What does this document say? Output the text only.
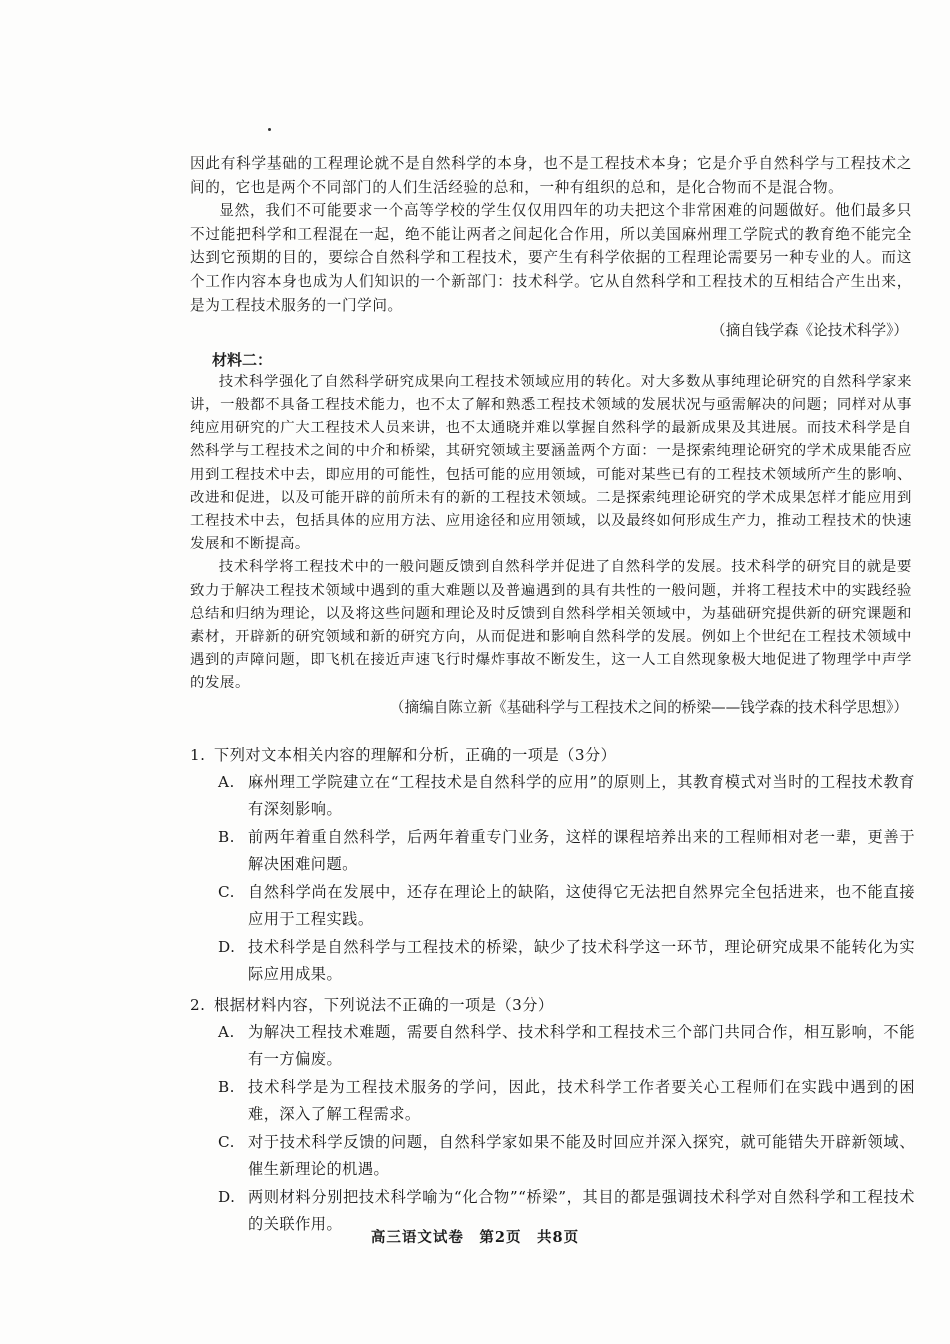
因此有科学基础的工程理论就不是自然科学的本身，也不是工程技术本身；它是介乎自然科学与工程技术之间的，它也是两个不同部门的人们生活经验的总和，一种有组织的总和，是化合物而不是混合物。

显然，我们不可能要求一个高等学校的学生仅仅用四年的功夫把这个非常困难的问题做好。他们最多只不过能把科学和工程混在一起，绝不能让两者之间起化合作用，所以美国麻州理工学院式的教育绝不能完全达到它预期的目的，要综合自然科学和工程技术，要产生有科学依据的工程理论需要另一种专业的人。而这个工作内容本身也成为人们知识的一个新部门：技术科学。它从自然科学和工程技术的互相结合产生出来，是为工程技术服务的一门学问。

（摘自钱学森《论技术科学》）

材料二：

技术科学强化了自然科学研究成果向工程技术领域应用的转化。对大多数从事纯理论研究的自然科学家来讲，一般都不具备工程技术能力，也不太了解和熟悉工程技术领域的发展状况与亟需解决的问题；同样对从事纯应用研究的广大工程技术人员来讲，也不太通晓并难以掌握自然科学的最新成果及其进展。而技术科学是自然科学与工程技术之间的中介和桥梁，其研究领域主要涵盖两个方面：一是探索纯理论研究的学术成果能否应用到工程技术中去，即应用的可能性，包括可能的应用领域，可能对某些已有的工程技术领域所产生的影响、改进和促进，以及可能开辟的前所未有的新的工程技术领域。二是探索纯理论研究的学术成果怎样才能应用到工程技术中去，包括具体的应用方法、应用途径和应用领域，以及最终如何形成生产力，推动工程技术的快速发展和不断提高。

技术科学将工程技术中的一般问题反馈到自然科学并促进了自然科学的发展。技术科学的研究目的就是要致力于解决工程技术领域中遇到的重大难题以及普遍遇到的具有共性的一般问题，并将工程技术中的实践经验总结和归纳为理论，以及将这些问题和理论及时反馈到自然科学相关领域中，为基础研究提供新的研究课题和素材，开辟新的研究领域和新的研究方向，从而促进和影响自然科学的发展。例如上个世纪在工程技术领域中遇到的声障问题，即飞机在接近声速飞行时爆炸事故不断发生，这一人工自然现象极大地促进了物理学中声学的发展。

（摘编自陈立新《基础科学与工程技术之间的桥梁——钱学森的技术科学思想》）

1. 下列对文本相关内容的理解和分析，正确的一项是（3分）

A. 麻州理工学院建立在“工程技术是自然科学的应用”的原则上，其教育模式对当时的工程技术教育有深刻影响。
B. 前两年着重自然科学，后两年着重专门业务，这样的课程培养出来的工程师相对老一辈，更善于解决困难问题。
C. 自然科学尚在发展中，还存在理论上的缺陷，这使得它无法把自然界完全包括进来，也不能直接应用于工程实践。
D. 技术科学是自然科学与工程技术的桥梁，缺少了技术科学这一环节，理论研究成果不能转化为实际应用成果。

2. 根据材料内容，下列说法不正确的一项是（3分）

A. 为解决工程技术难题，需要自然科学、技术科学和工程技术三个部门共同合作，相互影响，不能有一方偏废。
B. 技术科学是为工程技术服务的学问，因此，技术科学工作者要关心工程师们在实践中遇到的困难，深入了解工程需求。
C. 对于技术科学反馈的问题，自然科学家如果不能及时回应并深入探究，就可能错失开辟新领域、催生新理论的机遇。
D. 两则材料分别把技术科学喻为“化合物”“桥梁”，其目的都是强调技术科学对自然科学和工程技术的关联作用。
高三语文试卷　第2页　共8页
